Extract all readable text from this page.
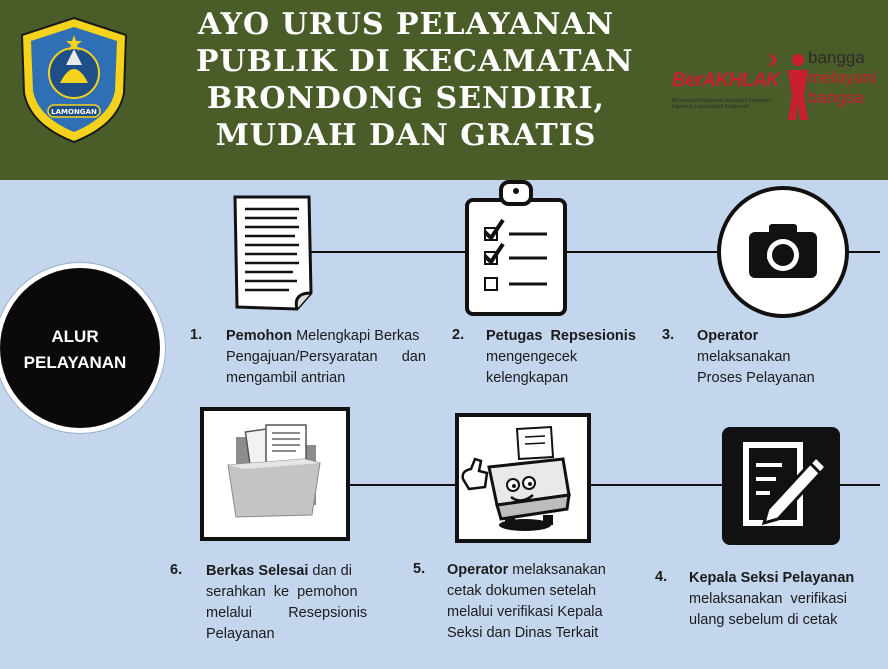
LAMONGAN
AYO URUS PELAYANAN
PUBLIK DI KECAMATAN
BRONDONG SENDIRI,
MUDAH DAN GRATIS
BerAKHLAK
Berorientasi Pelayanan Akuntabel Kompeten Harmonis Loyal Adaptif Kolaboratif
› bangga
melayani
bangsa
ALUR
PELAYANAN
1. Pemohon Melengkapi Berkas
Pengajuan/Persyaratan      dan
mengambil antrian
2. Petugas  Repsesionis
mengengecek
kelengkapan
3. Operator
melaksanakan
Proses Pelayanan
4. Kepala Seksi Pelayanan
melaksanakan  verifikasi
ulang sebelum di cetak
5. Operator melaksanakan
cetak dokumen setelah
melalui verifikasi Kepala
Seksi dan Dinas Terkait
6. Berkas Selesai dan di
serahkan  ke  pemohon
melalui         Resepsionis
Pelayanan
